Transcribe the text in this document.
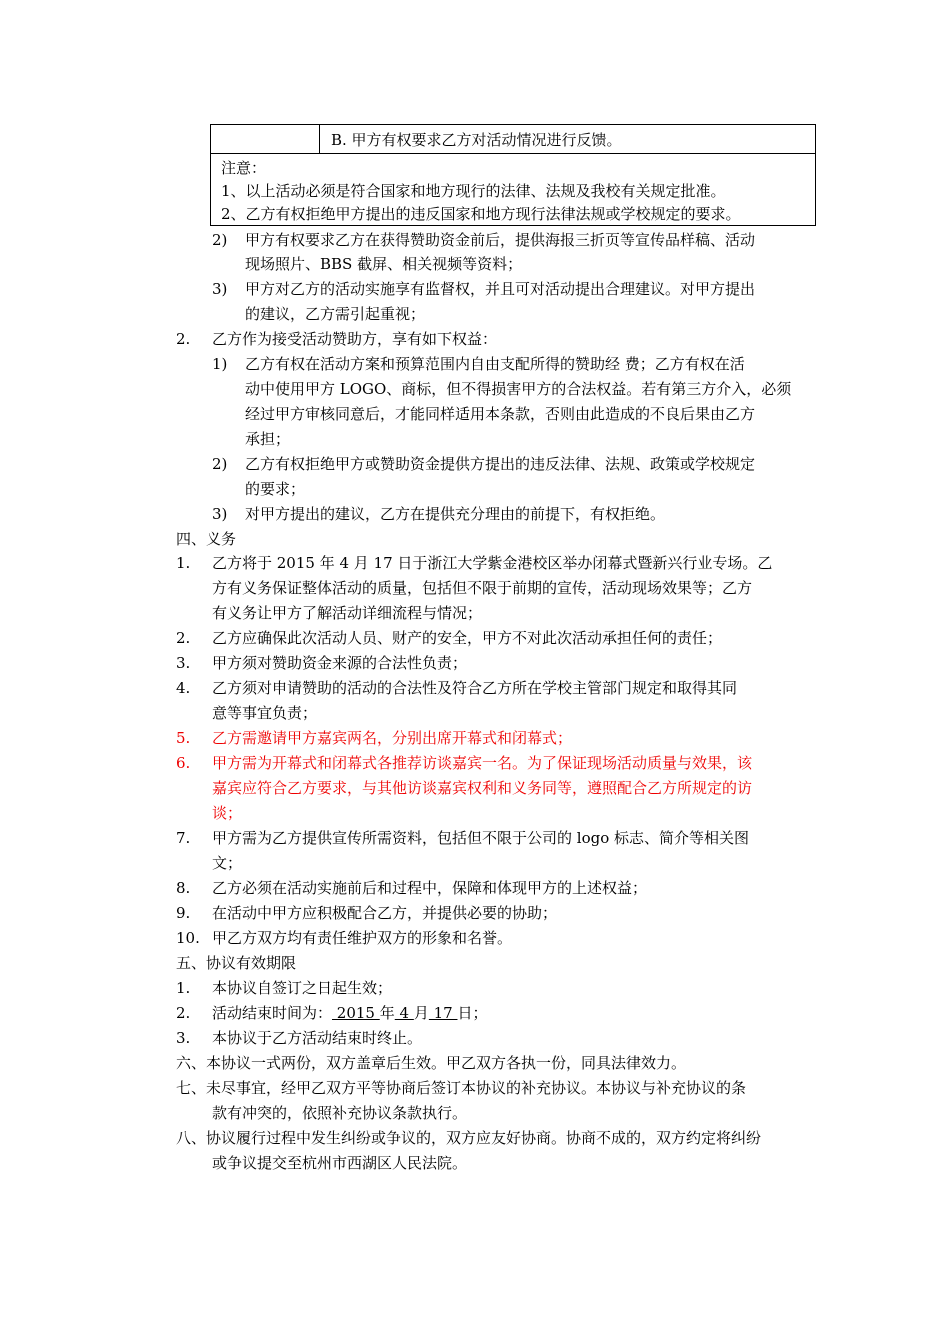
B. 甲方有权要求乙方对活动情况进行反馈。
注意：
1、以上活动必须是符合国家和地方现行的法律、法规及我校有关规定批准。
2、乙方有权拒绝甲方提出的违反国家和地方现行法律法规或学校规定的要求。
2) 甲方有权要求乙方在获得赞助资金前后，提供海报三折页等宣传品样稿、活动
现场照片、BBS 截屏、相关视频等资料；
3) 甲方对乙方的活动实施享有监督权，并且可对活动提出合理建议。对甲方提出
的建议，乙方需引起重视；
2. 乙方作为接受活动赞助方，享有如下权益：
1) 乙方有权在活动方案和预算范围内自由支配所得的赞助经 费；乙方有权在活
动中使用甲方 LOGO、商标，但不得损害甲方的合法权益。若有第三方介入，必须
经过甲方审核同意后，才能同样适用本条款，否则由此造成的不良后果由乙方
承担；
2) 乙方有权拒绝甲方或赞助资金提供方提出的违反法律、法规、政策或学校规定
的要求；
3) 对甲方提出的建议，乙方在提供充分理由的前提下，有权拒绝。
四、义务
1. 乙方将于 2015 年 4 月 17 日于浙江大学紫金港校区举办闭幕式暨新兴行业专场。乙
方有义务保证整体活动的质量，包括但不限于前期的宣传，活动现场效果等；乙方
有义务让甲方了解活动详细流程与情况；
2. 乙方应确保此次活动人员、财产的安全，甲方不对此次活动承担任何的责任；
3. 甲方须对赞助资金来源的合法性负责；
4. 乙方须对申请赞助的活动的合法性及符合乙方所在学校主管部门规定和取得其同
意等事宜负责；
5. 乙方需邀请甲方嘉宾两名，分别出席开幕式和闭幕式；
6. 甲方需为开幕式和闭幕式各推荐访谈嘉宾一名。为了保证现场活动质量与效果，该
嘉宾应符合乙方要求，与其他访谈嘉宾权利和义务同等，遵照配合乙方所规定的访
谈；
7. 甲方需为乙方提供宣传所需资料，包括但不限于公司的 logo 标志、简介等相关图
文；
8. 乙方必须在活动实施前后和过程中，保障和体现甲方的上述权益；
9. 在活动中甲方应积极配合乙方，并提供必要的协助；
10. 甲乙方双方均有责任维护双方的形象和名誉。
五、协议有效期限
1. 本协议自签订之日起生效；
2. 活动结束时间为： 2015 年 4 月 17 日；
3. 本协议于乙方活动结束时终止。
六、本协议一式两份，双方盖章后生效。甲乙双方各执一份，同具法律效力。
七、未尽事宜，经甲乙双方平等协商后签订本协议的补充协议。本协议与补充协议的条
款有冲突的，依照补充协议条款执行。
八、协议履行过程中发生纠纷或争议的，双方应友好协商。协商不成的，双方约定将纠纷
或争议提交至杭州市西湖区人民法院。
